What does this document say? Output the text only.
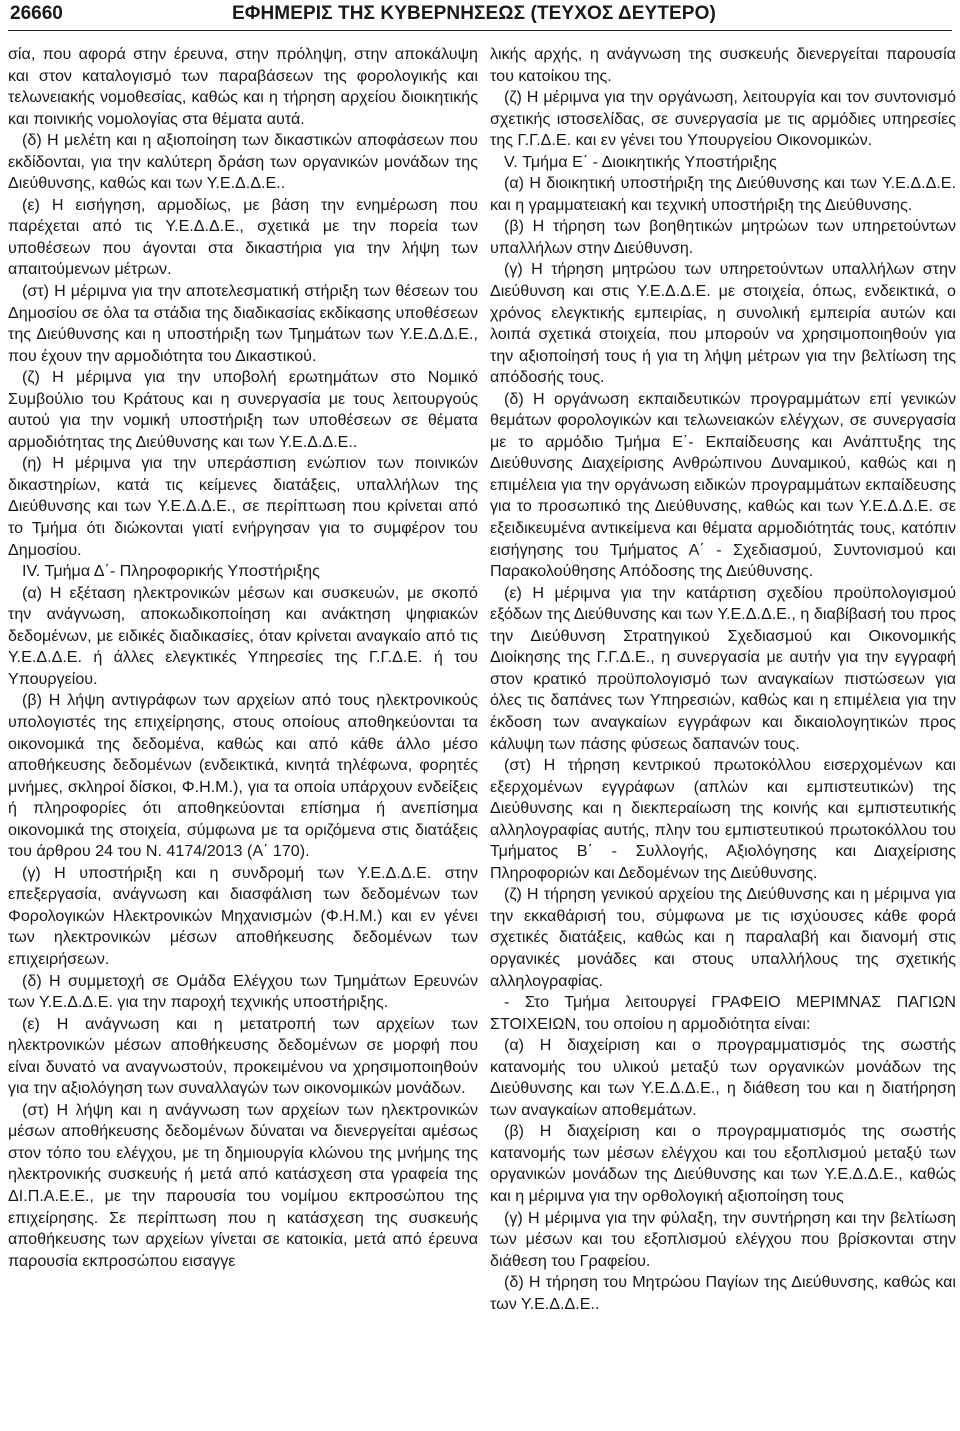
26660	ΕΦΗΜΕΡΙΣ ΤΗΣ ΚΥΒΕΡΝΗΣΕΩΣ (ΤΕΥΧΟΣ ΔΕΥΤΕΡΟ)

σία, που αφορά στην έρευνα, στην πρόληψη, στην αποκάλυψη και στον καταλογισμό των παραβάσεων της φορολογικής και τελωνειακής νομοθεσίας, καθώς και η τήρηση αρχείου διοικητικής και ποινικής νομολογίας στα θέματα αυτά.

(δ) Η μελέτη και η αξιοποίηση των δικαστικών αποφάσεων που εκδίδονται, για την καλύτερη δράση των οργανικών μονάδων της Διεύθυνσης, καθώς και των Υ.Ε.Δ.Δ.Ε..

(ε) Η εισήγηση, αρμοδίως, με βάση την ενημέρωση που παρέχεται από τις Υ.Ε.Δ.Δ.Ε., σχετικά με την πορεία των υποθέσεων που άγονται στα δικαστήρια για την λήψη των απαιτούμενων μέτρων.

(στ) Η μέριμνα για την αποτελεσματική στήριξη των θέσεων του Δημοσίου σε όλα τα στάδια της διαδικασίας εκδίκασης υποθέσεων της Διεύθυνσης και η υποστήριξη των Τμημάτων των Υ.Ε.Δ.Δ.Ε., που έχουν την αρμοδιότητα του Δικαστικού.

(ζ) Η μέριμνα για την υποβολή ερωτημάτων στο Νομικό Συμβούλιο του Κράτους και η συνεργασία με τους λειτουργούς αυτού για την νομική υποστήριξη των υποθέσεων σε θέματα αρμοδιότητας της Διεύθυνσης και των Υ.Ε.Δ.Δ.Ε..

(η) Η μέριμνα για την υπεράσπιση ενώπιον των ποινικών δικαστηρίων, κατά τις κείμενες διατάξεις, υπαλλήλων της Διεύθυνσης και των Υ.Ε.Δ.Δ.Ε., σε περίπτωση που κρίνεται από το Τμήμα ότι διώκονται γιατί ενήργησαν για το συμφέρον του Δημοσίου.

IV. Τμήμα Δ΄- Πληροφορικής Υποστήριξης

(α) Η εξέταση ηλεκτρονικών μέσων και συσκευών, με σκοπό την ανάγνωση, αποκωδικοποίηση και ανάκτηση ψηφιακών δεδομένων, με ειδικές διαδικασίες, όταν κρίνεται αναγκαίο από τις Υ.Ε.Δ.Δ.Ε. ή άλλες ελεγκτικές Υπηρεσίες της Γ.Γ.Δ.Ε. ή του Υπουργείου.

(β) Η λήψη αντιγράφων των αρχείων από τους ηλεκτρονικούς υπολογιστές της επιχείρησης, στους οποίους αποθηκεύονται τα οικονομικά της δεδομένα, καθώς και από κάθε άλλο μέσο αποθήκευσης δεδομένων (ενδεικτικά, κινητά τηλέφωνα, φορητές μνήμες, σκληροί δίσκοι, Φ.Η.Μ.), για τα οποία υπάρχουν ενδείξεις ή πληροφορίες ότι αποθηκεύονται επίσημα ή ανεπίσημα οικονομικά της στοιχεία, σύμφωνα με τα οριζόμενα στις διατάξεις του άρθρου 24 του Ν. 4174/2013 (Α΄ 170).

(γ) Η υποστήριξη και η συνδρομή των Υ.Ε.Δ.Δ.Ε. στην επεξεργασία, ανάγνωση και διασφάλιση των δεδομένων των Φορολογικών Ηλεκτρονικών Μηχανισμών (Φ.Η.Μ.) και εν γένει των ηλεκτρονικών μέσων αποθήκευσης δεδομένων των επιχειρήσεων.

(δ) Η συμμετοχή σε Ομάδα Ελέγχου των Τμημάτων Ερευνών των Υ.Ε.Δ.Δ.Ε. για την παροχή τεχνικής υποστήριξης.

(ε) Η ανάγνωση και η μετατροπή των αρχείων των ηλεκτρονικών μέσων αποθήκευσης δεδομένων σε μορφή που είναι δυνατό να αναγνωστούν, προκειμένου να χρησιμοποιηθούν για την αξιολόγηση των συναλλαγών των οικονομικών μονάδων.

(στ) Η λήψη και η ανάγνωση των αρχείων των ηλεκτρονικών μέσων αποθήκευσης δεδομένων δύναται να διενεργείται αμέσως στον τόπο του ελέγχου, με τη δημιουργία κλώνου της μνήμης της ηλεκτρονικής συσκευής ή μετά από κατάσχεση στα γραφεία της ΔΙ.Π.Α.Ε.Ε., με την παρουσία του νομίμου εκπροσώπου της επιχείρησης. Σε περίπτωση που η κατάσχεση της συσκευής αποθήκευσης των αρχείων γίνεται σε κατοικία, μετά από έρευνα παρουσία εκπροσώπου εισαγγε

λικής αρχής, η ανάγνωση της συσκευής διενεργείται παρουσία του κατοίκου της.

(ζ) Η μέριμνα για την οργάνωση, λειτουργία και τον συντονισμό σχετικής ιστοσελίδας, σε συνεργασία με τις αρμόδιες υπηρεσίες της Γ.Γ.Δ.Ε. και εν γένει του Υπουργείου Οικονομικών.

V. Τμήμα Ε΄ - Διοικητικής Υποστήριξης

(α) Η διοικητική υποστήριξη της Διεύθυνσης και των Υ.Ε.Δ.Δ.Ε. και η γραμματειακή και τεχνική υποστήριξη της Διεύθυνσης.

(β) Η τήρηση των βοηθητικών μητρώων των υπηρετούντων υπαλλήλων στην Διεύθυνση.

(γ) Η τήρηση μητρώου των υπηρετούντων υπαλλήλων στην Διεύθυνση και στις Υ.Ε.Δ.Δ.Ε. με στοιχεία, όπως, ενδεικτικά, ο χρόνος ελεγκτικής εμπειρίας, η συνολική εμπειρία αυτών και λοιπά σχετικά στοιχεία, που μπορούν να χρησιμοποιηθούν για την αξιοποίησή τους ή για τη λήψη μέτρων για την βελτίωση της απόδοσής τους.

(δ) Η οργάνωση εκπαιδευτικών προγραμμάτων επί γενικών θεμάτων φορολογικών και τελωνειακών ελέγχων, σε συνεργασία με το αρμόδιο Τμήμα Ε΄- Εκπαίδευσης και Ανάπτυξης της Διεύθυνσης Διαχείρισης Ανθρώπινου Δυναμικού, καθώς και η επιμέλεια για την οργάνωση ειδικών προγραμμάτων εκπαίδευσης για το προσωπικό της Διεύθυνσης, καθώς και των Υ.Ε.Δ.Δ.Ε. σε εξειδικευμένα αντικείμενα και θέματα αρμοδιότητάς τους, κατόπιν εισήγησης του Τμήματος Α΄ - Σχεδιασμού, Συντονισμού και Παρακολούθησης Απόδοσης της Διεύθυνσης.

(ε) Η μέριμνα για την κατάρτιση σχεδίου προϋπολογισμού εξόδων της Διεύθυνσης και των Υ.Ε.Δ.Δ.Ε., η διαβίβασή του προς την Διεύθυνση Στρατηγικού Σχεδιασμού και Οικονομικής Διοίκησης της Γ.Γ.Δ.Ε., η συνεργασία με αυτήν για την εγγραφή στον κρατικό προϋπολογισμό των αναγκαίων πιστώσεων για όλες τις δαπάνες των Υπηρεσιών, καθώς και η επιμέλεια για την έκδοση των αναγκαίων εγγράφων και δικαιολογητικών προς κάλυψη των πάσης φύσεως δαπανών τους.

(στ) Η τήρηση κεντρικού πρωτοκόλλου εισερχομένων και εξερχομένων εγγράφων (απλών και εμπιστευτικών) της Διεύθυνσης και η διεκπεραίωση της κοινής και εμπιστευτικής αλληλογραφίας αυτής, πλην του εμπιστευτικού πρωτοκόλλου του Τμήματος Β΄ - Συλλογής, Αξιολόγησης και Διαχείρισης Πληροφοριών και Δεδομένων της Διεύθυνσης.

(ζ) Η τήρηση γενικού αρχείου της Διεύθυνσης και η μέριμνα για την εκκαθάρισή του, σύμφωνα με τις ισχύουσες κάθε φορά σχετικές διατάξεις, καθώς και η παραλαβή και διανομή στις οργανικές μονάδες και στους υπαλλήλους της σχετικής αλληλογραφίας.

- Στο Τμήμα λειτουργεί ΓΡΑΦΕΙΟ ΜΕΡΙΜΝΑΣ ΠΑΓΙΩΝ ΣΤΟΙΧΕΙΩΝ, του οποίου η αρμοδιότητα είναι:

(α) Η διαχείριση και ο προγραμματισμός της σωστής κατανομής του υλικού μεταξύ των οργανικών μονάδων της Διεύθυνσης και των Υ.Ε.Δ.Δ.Ε., η διάθεση του και η διατήρηση των αναγκαίων αποθεμάτων.

(β) Η διαχείριση και ο προγραμματισμός της σωστής κατανομής των μέσων ελέγχου και του εξοπλισμού μεταξύ των οργανικών μονάδων της Διεύθυνσης και των Υ.Ε.Δ.Δ.Ε., καθώς και η μέριμνα για την ορθολογική αξιοποίηση τους

(γ) Η μέριμνα για την φύλαξη, την συντήρηση και την βελτίωση των μέσων και του εξοπλισμού ελέγχου που βρίσκονται στην διάθεση του Γραφείου.

(δ) Η τήρηση του Μητρώου Παγίων της Διεύθυνσης, καθώς και των Υ.Ε.Δ.Δ.Ε..
